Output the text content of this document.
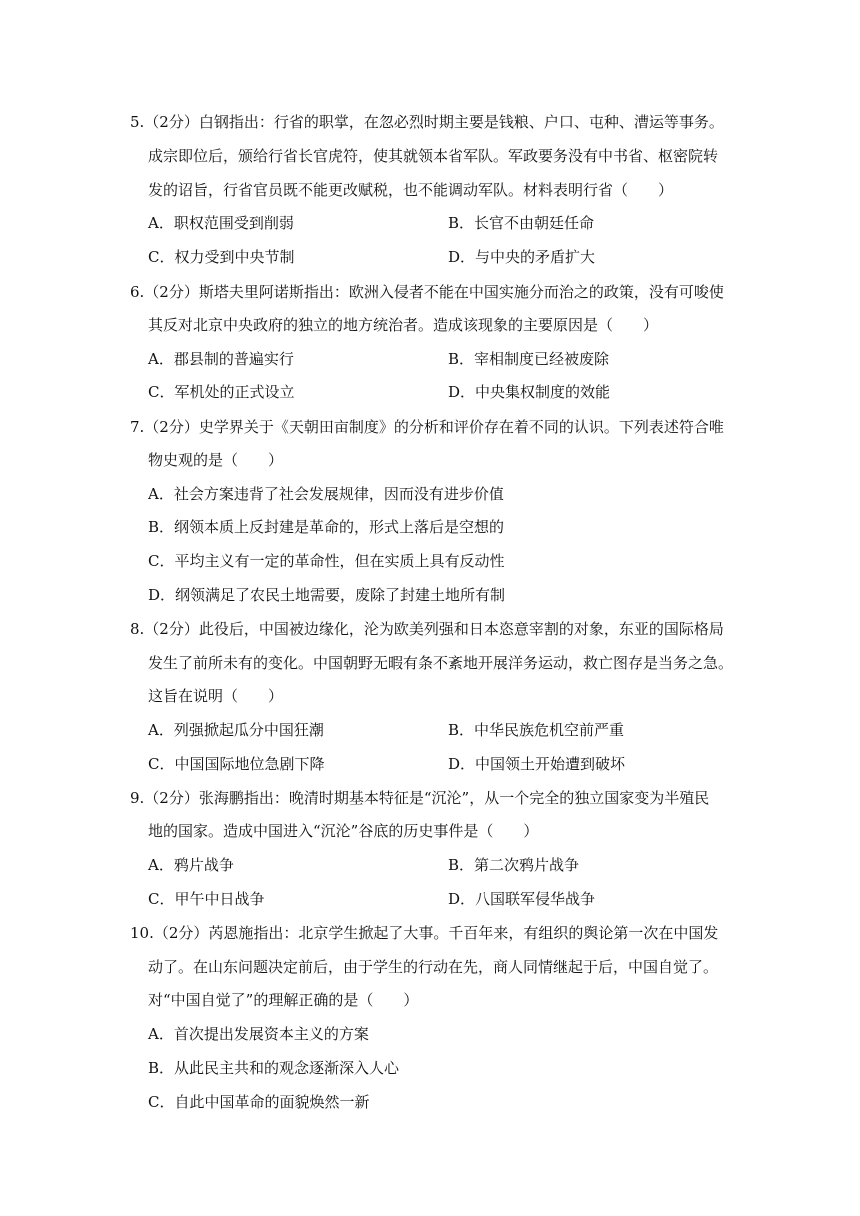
5.（2分）白钢指出：行省的职掌，在忽必烈时期主要是钱粮、户口、屯种、漕运等事务。
成宗即位后，颁给行省长官虎符，使其就领本省军队。军政要务没有中书省、枢密院转
发的诏旨，行省官员既不能更改赋税，也不能调动军队。材料表明行省（　　）
A．职权范围受到削弱	B．长官不由朝廷任命
C．权力受到中央节制	D．与中央的矛盾扩大
6.（2分）斯塔夫里阿诺斯指出：欧洲入侵者不能在中国实施分而治之的政策，没有可唆使
其反对北京中央政府的独立的地方统治者。造成该现象的主要原因是（　　）
A．郡县制的普遍实行	B．宰相制度已经被废除
C．军机处的正式设立	D．中央集权制度的效能
7.（2分）史学界关于《天朝田亩制度》的分析和评价存在着不同的认识。下列表述符合唯
物史观的是（　　）
A．社会方案违背了社会发展规律，因而没有进步价值
B．纲领本质上反封建是革命的，形式上落后是空想的
C．平均主义有一定的革命性，但在实质上具有反动性
D．纲领满足了农民土地需要，废除了封建土地所有制
8.（2分）此役后，中国被边缘化，沦为欧美列强和日本恣意宰割的对象，东亚的国际格局
发生了前所未有的变化。中国朝野无暇有条不紊地开展洋务运动，救亡图存是当务之急。
这旨在说明（　　）
A．列强掀起瓜分中国狂潮	B．中华民族危机空前严重
C．中国国际地位急剧下降	D．中国领土开始遭到破坏
9.（2分）张海鹏指出：晚清时期基本特征是“沉沦”，从一个完全的独立国家变为半殖民
地的国家。造成中国进入“沉沦”谷底的历史事件是（　　）
A．鸦片战争	B．第二次鸦片战争
C．甲午中日战争	D．八国联军侵华战争
10.（2分）芮恩施指出：北京学生掀起了大事。千百年来，有组织的舆论第一次在中国发
动了。在山东问题决定前后，由于学生的行动在先，商人同情继起于后，中国自觉了。
对“中国自觉了”的理解正确的是（　　）
A．首次提出发展资本主义的方案
B．从此民主共和的观念逐渐深入人心
C．自此中国革命的面貌焕然一新
